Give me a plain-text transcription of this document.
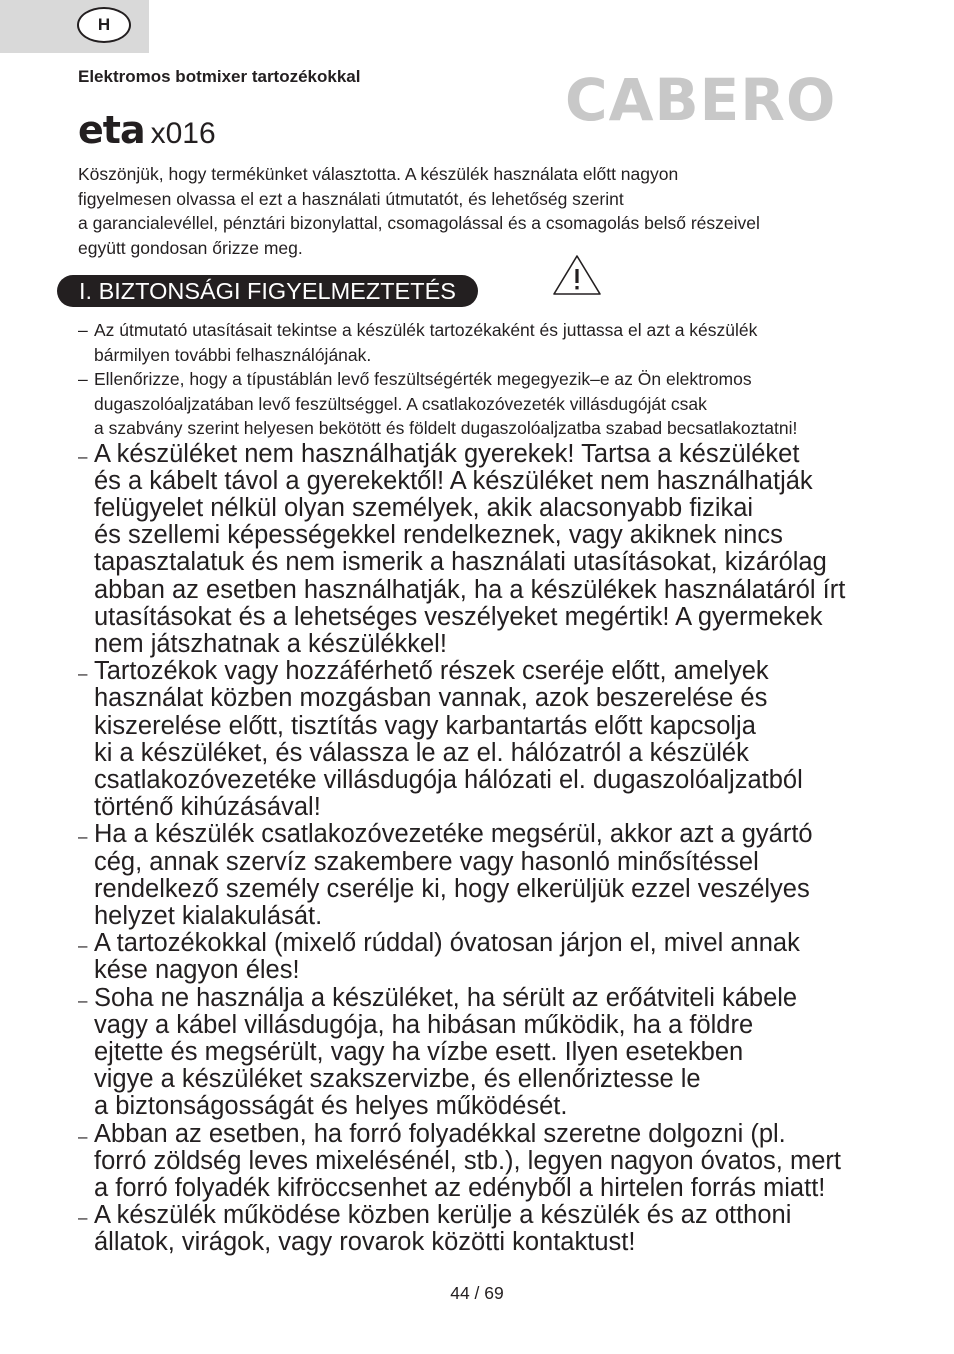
H
Elektromos botmixer tartozékokkal	CABERO
eta x016
Köszönjük, hogy termékünket választotta. A készülék használata előtt nagyon
figyelmesen olvassa el ezt a használati útmutatót, és lehetőség szerint
a garancialevéllel, pénztári bizonylattal, csomagolással és a csomagolás belső részeivel
együtt gondosan őrizze meg.
I. BIZTONSÁGI FIGYELMEZTETÉS
– Az útmutató utasításait tekintse a készülék tartozékaként és juttassa el azt a készülék
bármilyen további felhasználójának.
– Ellenőrizze, hogy a típustáblán levő feszültségérték megegyezik–e az Ön elektromos
dugaszolóaljzatában levő feszültséggel. A csatlakozóvezeték villásdugóját csak
a szabvány szerint helyesen bekötött és földelt dugaszolóaljzatba szabad becsatlakoztatni!
– A készüléket nem használhatják gyerekek! Tartsa a készüléket
és a kábelt távol a gyerekektől! A készüléket nem használhatják
felügyelet nélkül olyan személyek, akik alacsonyabb fizikai
és szellemi képességekkel rendelkeznek, vagy akiknek nincs
tapasztalatuk és nem ismerik a használati utasításokat, kizárólag
abban az esetben használhatják, ha a készülékek használatáról írt
utasításokat és a lehetséges veszélyeket megértik! A gyermekek
nem játszhatnak a készülékkel!
– Tartozékok vagy hozzáférhető részek cseréje előtt, amelyek
használat közben mozgásban vannak, azok beszerelése és
kiszerelése előtt, tisztítás vagy karbantartás előtt kapcsolja
ki a készüléket, és válassza le az el. hálózatról a készülék
csatlakozóvezetéke villásdugója hálózati el. dugaszolóaljzatból
történő kihúzásával!
– Ha a készülék csatlakozóvezetéke megsérül, akkor azt a gyártó
cég, annak szervíz szakembere vagy hasonló minősítéssel
rendelkező személy cserélje ki, hogy elkerüljük ezzel veszélyes
helyzet kialakulását.
– A tartozékokkal (mixelő rúddal) óvatosan járjon el, mivel annak
kése nagyon éles!
– Soha ne használja a készüléket, ha sérült az erőátviteli kábele
vagy a kábel villásdugója, ha hibásan működik, ha a földre
ejtette és megsérült, vagy ha vízbe esett. Ilyen esetekben
vigye a készüléket szakszervizbe, és ellenőriztesse le
a biztonságosságát és helyes működését.
– Abban az esetben, ha forró folyadékkal szeretne dolgozni (pl.
forró zöldség leves mixelésénél, stb.), legyen nagyon óvatos, mert
a forró folyadék kifröccsenhet az edényből a hirtelen forrás miatt!
– A készülék működése közben kerülje a készülék és az otthoni
állatok, virágok, vagy rovarok közötti kontaktust!
44 / 69
